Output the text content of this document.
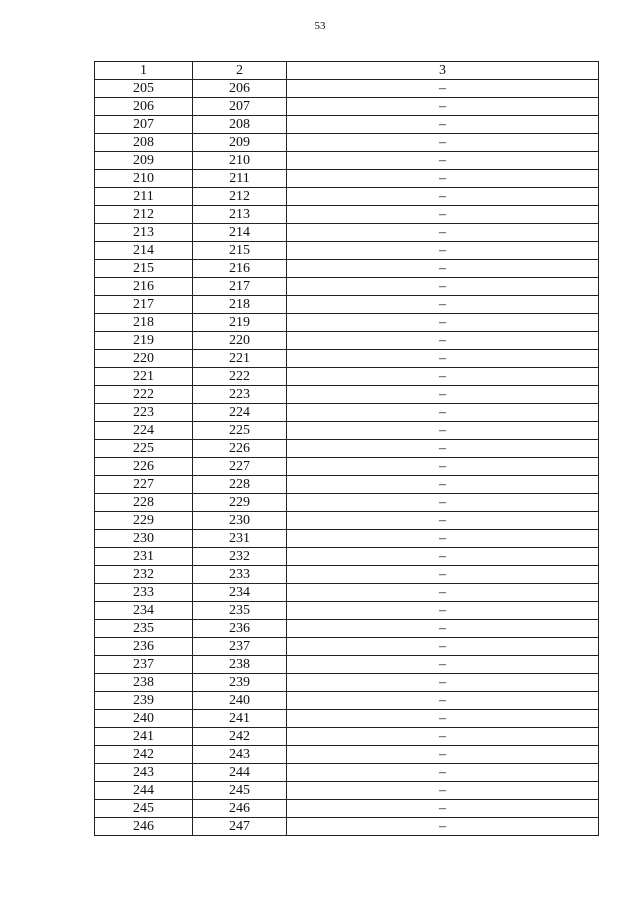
53
1	2	3
205	206	–
206	207	–
207	208	–
208	209	–
209	210	–
210	211	–
211	212	–
212	213	–
213	214	–
214	215	–
215	216	–
216	217	–
217	218	–
218	219	–
219	220	–
220	221	–
221	222	–
222	223	–
223	224	–
224	225	–
225	226	–
226	227	–
227	228	–
228	229	–
229	230	–
230	231	–
231	232	–
232	233	–
233	234	–
234	235	–
235	236	–
236	237	–
237	238	–
238	239	–
239	240	–
240	241	–
241	242	–
242	243	–
243	244	–
244	245	–
245	246	–
246	247	–
